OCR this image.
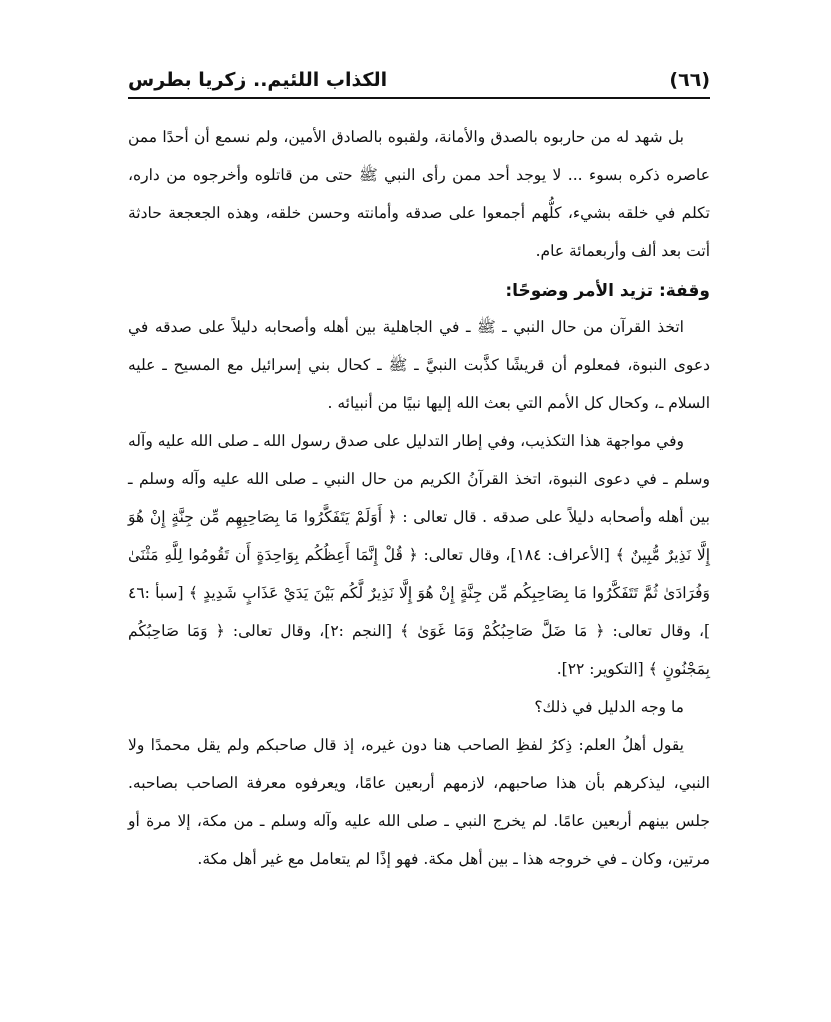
الكذاب اللئيم.. زكريا بطرس	(٦٦)

بل شهد له من حاربوه بالصدق والأمانة، ولقبوه بالصادق الأمين، ولم نسمع أن أحدًا ممن عاصره ذكره بسوء ... لا يوجد أحد ممن رأى النبي ﷺ حتى من قاتلوه وأخرجوه من داره، تكلم في خلقه بشيء، كلُّهم أجمعوا على صدقه وأمانته وحسن خلقه، وهذه الجعجعة حادثة أتت بعد ألف وأربعمائة عام.

وقفة: تزيد الأمر وضوحًا:

اتخذ القرآن من حال النبي ـ ﷺ ـ في الجاهلية بين أهله وأصحابه دليلاً على صدقه في دعوى النبوة، فمعلوم أن قريشًا كذَّبت النبيَّ ـ ﷺ ـ كحال بني إسرائيل مع المسيح ـ عليه السلام ـ، وكحال كل الأمم التي بعث الله إليها نبيًا من أنبيائه .

وفي مواجهة هذا التكذيب، وفي إطار التدليل على صدق رسول الله ـ صلى الله عليه وآله وسلم ـ في دعوى النبوة، اتخذ القرآنُ الكريم من حال النبي ـ صلى الله عليه وآله وسلم ـ بين أهله وأصحابه دليلاً على صدقه . قال تعالى : ﴿ أَوَلَمْ يَتَفَكَّرُوا مَا بِصَاحِبِهِم مِّن جِنَّةٍ إِنْ هُوَ إِلَّا نَذِيرٌ مُّبِينٌ ﴾ [الأعراف: ١٨٤]، وقال تعالى: ﴿ قُلْ إِنَّمَا أَعِظُكُم بِوَاحِدَةٍ أَن تَقُومُوا لِلَّهِ مَثْنَىٰ وَفُرَادَىٰ ثُمَّ تَتَفَكَّرُوا مَا بِصَاحِبِكُم مِّن جِنَّةٍ إِنْ هُوَ إِلَّا نَذِيرٌ لَّكُم بَيْنَ يَدَيْ عَذَابٍ شَدِيدٍ ﴾ [سبأ :٤٦ ]، وقال تعالى: ﴿ مَا ضَلَّ صَاحِبُكُمْ وَمَا غَوَىٰ ﴾ [النجم :٢]، وقال تعالى: ﴿ وَمَا صَاحِبُكُم بِمَجْنُونٍ ﴾ [التكوير: ٢٢].

ما وجه الدليل في ذلك؟

يقول أهلُ العلم: ذِكرُ لفظِ الصاحب هنا دون غيره، إذ قال صاحبكم ولم يقل محمدًا ولا النبي، ليذكرهم بأن هذا صاحبهم، لازمهم أربعين عامًا، ويعرفوه معرفة الصاحب بصاحبه. جلس بينهم أربعين عامًا. لم يخرج النبي ـ صلى الله عليه وآله وسلم ـ من مكة، إلا مرة أو مرتين، وكان ـ في خروجه هذا ـ بين أهل مكة. فهو إذًا لم يتعامل مع غير أهل مكة.
